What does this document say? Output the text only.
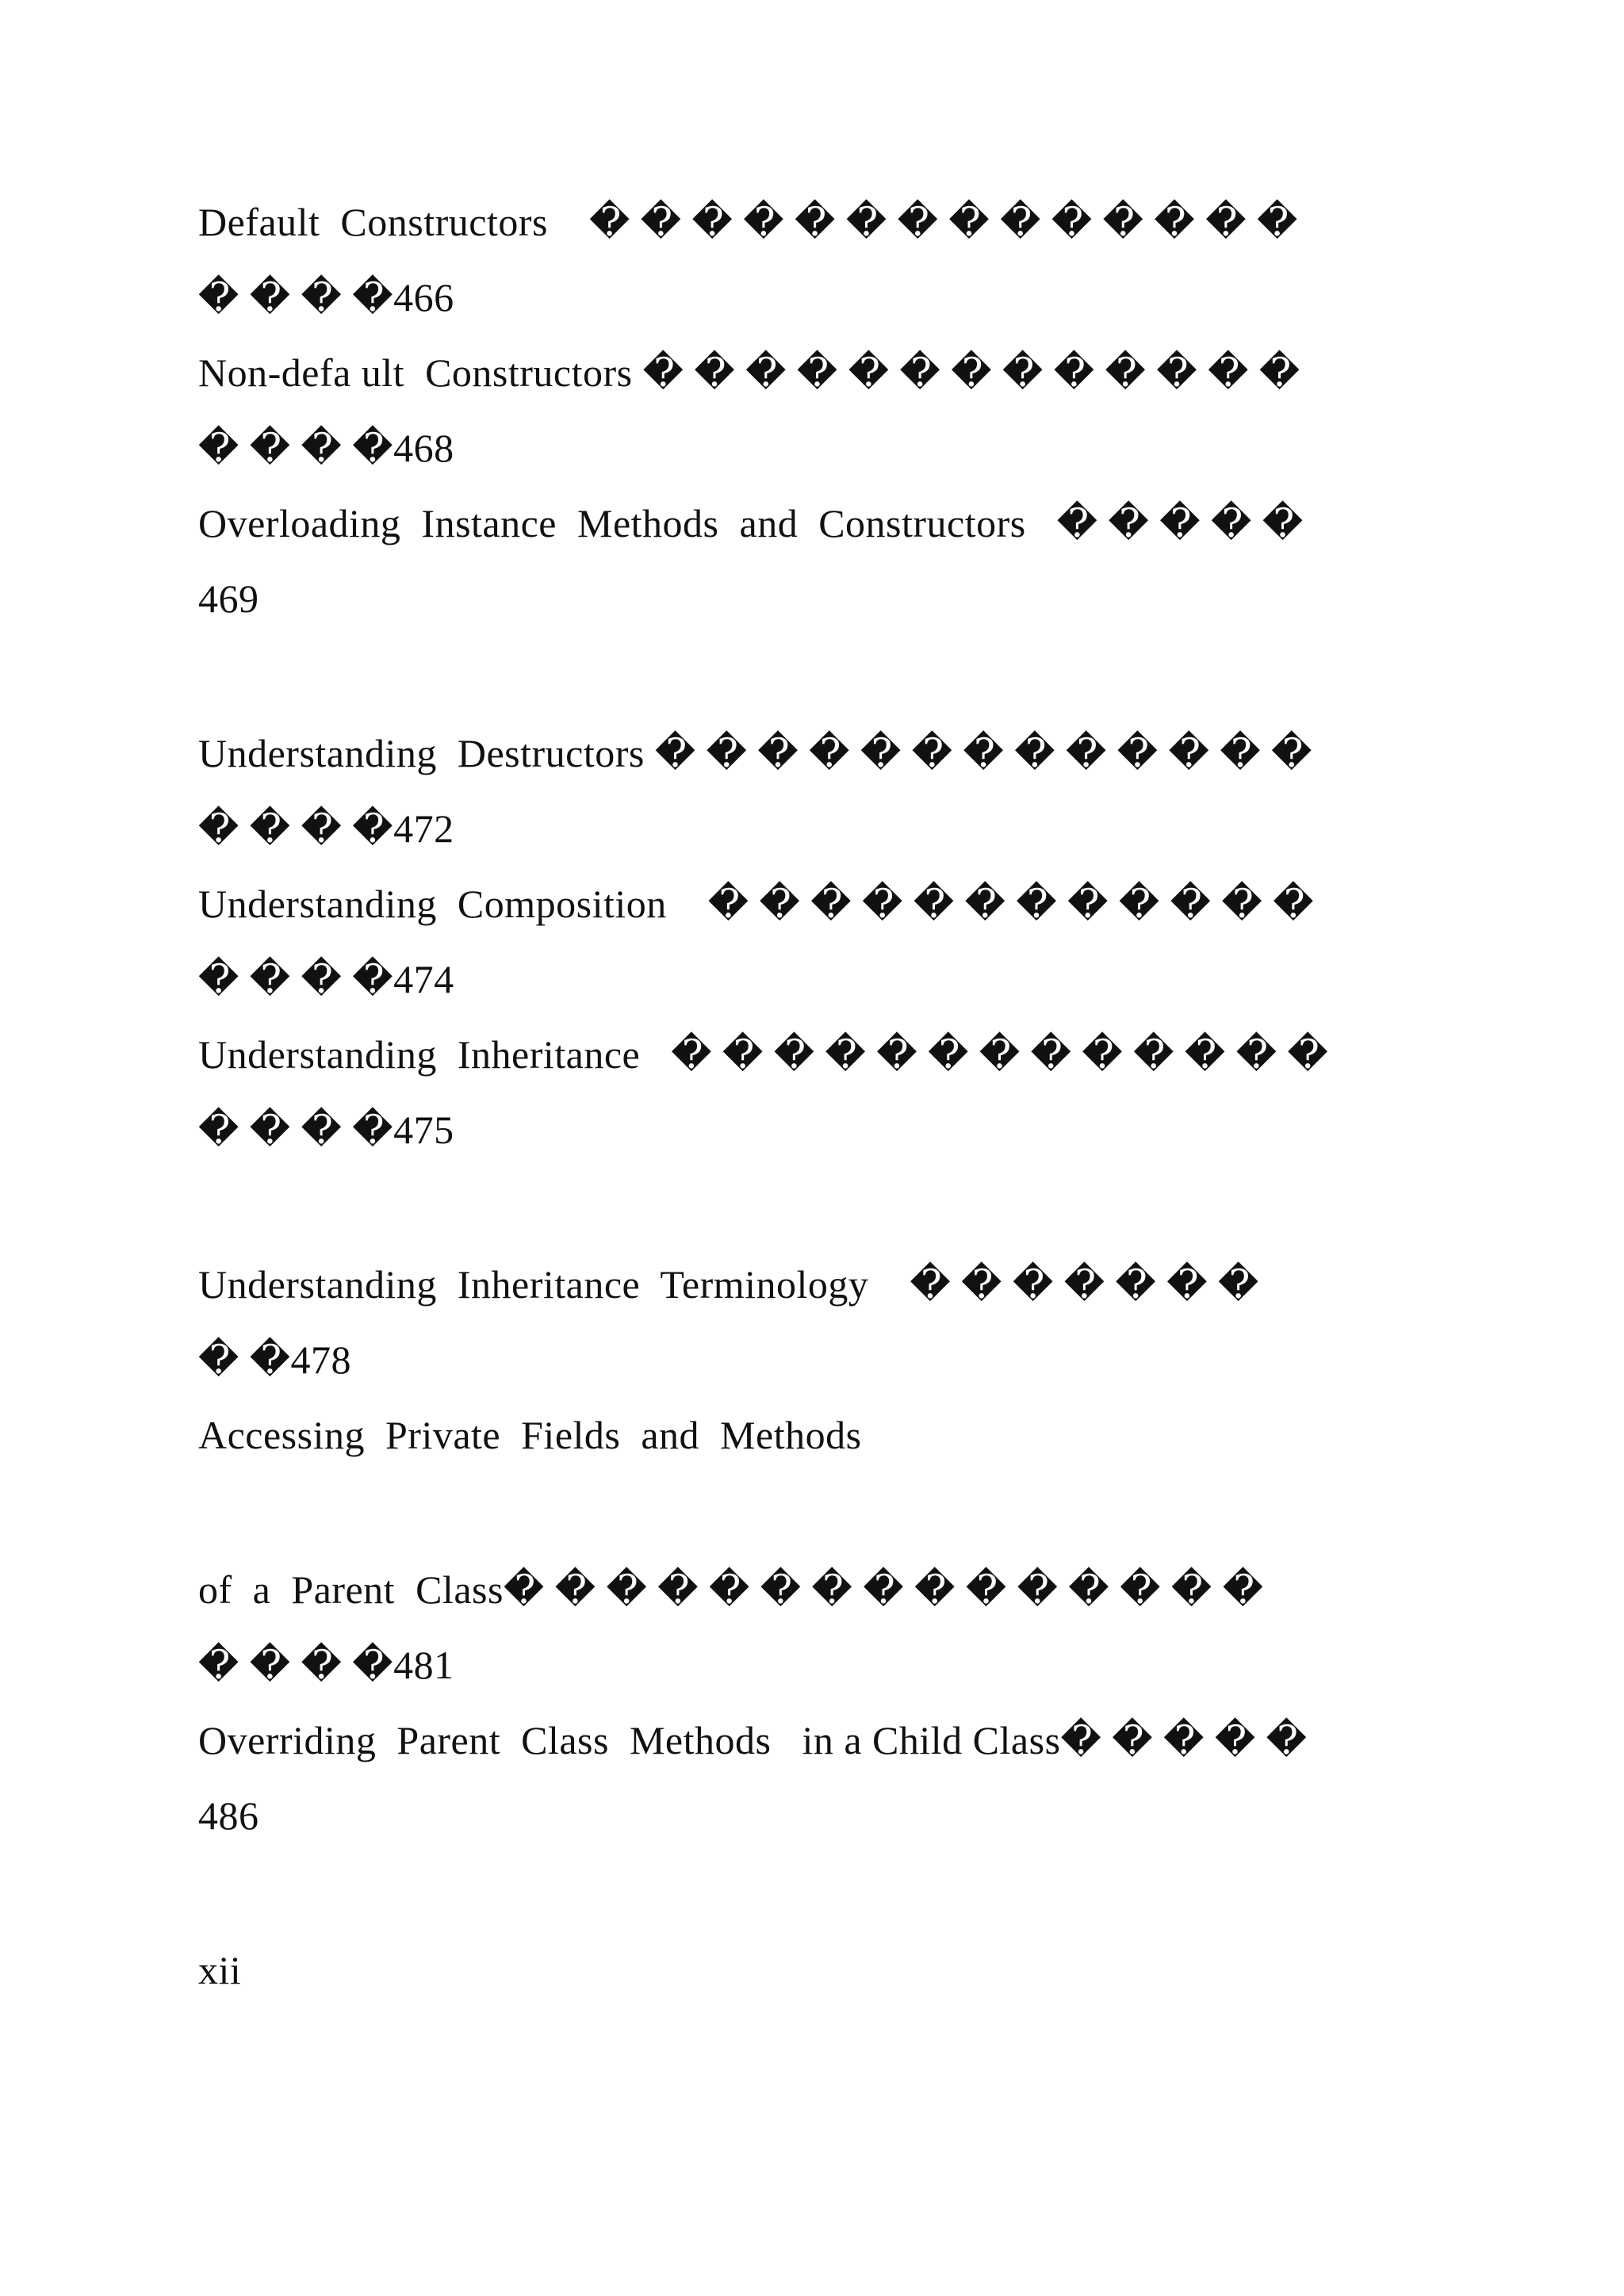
Default  Constructors    � � � � � � � � � � � � � �
� � � �466
Non-defa ult  Constructors � � � � � � � � � � � � �
� � � �468
Overloading  Instance  Methods  and  Constructors   � � � � �
469
Understanding  Destructors � � � � � � � � � � � � �
� � � �472
Understanding  Composition    � � � � � � � � � � � �
� � � �474
Understanding  Inheritance   � � � � � � � � � � � � �
� � � �475
Understanding  Inheritance  Terminology    � � � � � � �
� �478
Accessing  Private  Fields  and  Methods
of  a  Parent  Class� � � � � � � � � � � � � � �
� � � �481
Overriding  Parent  Class  Methods   in a Child Class� � � � �
486
xii
